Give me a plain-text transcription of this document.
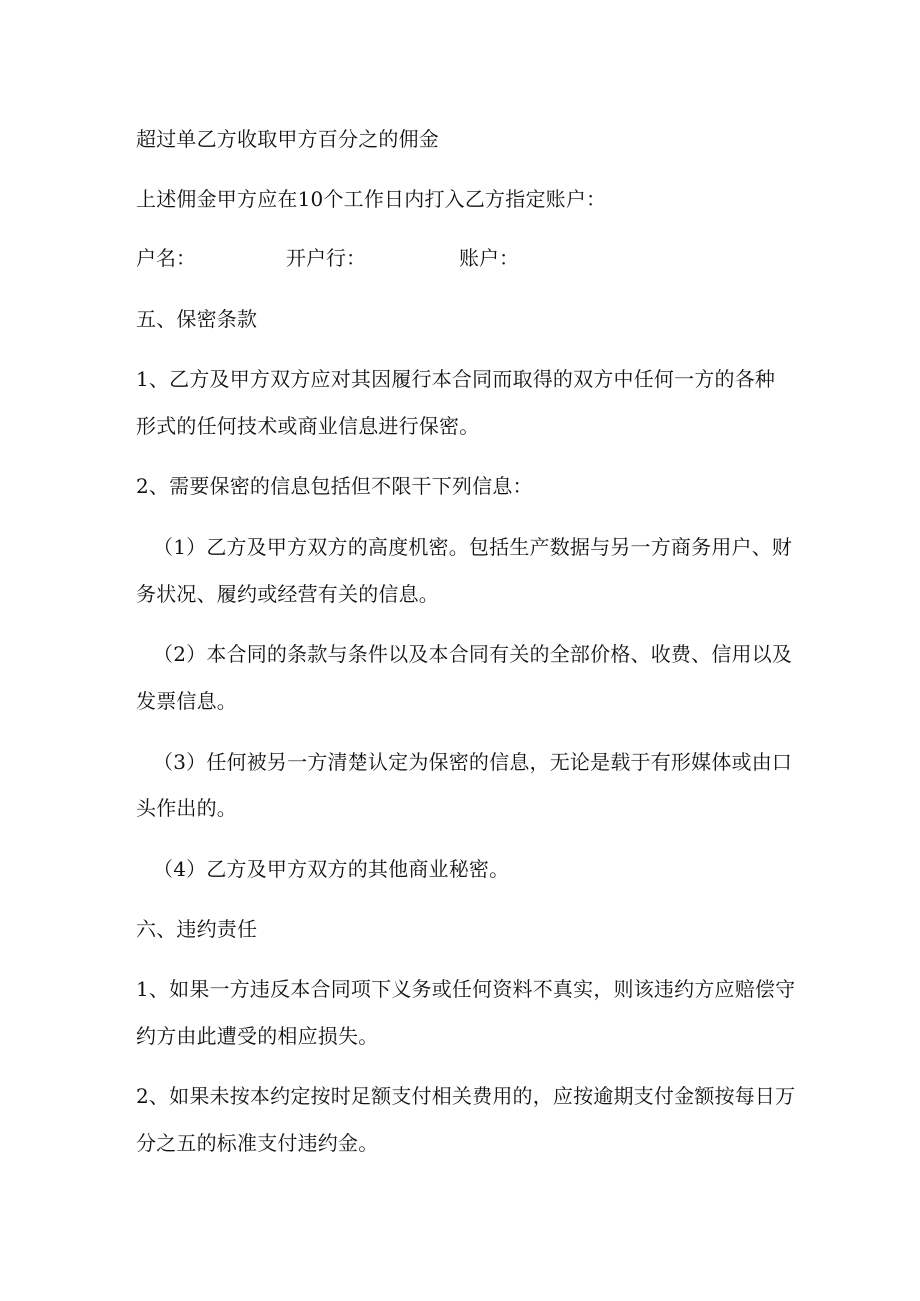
超过单乙方收取甲方百分之的佣金
上述佣金甲方应在10个工作日内打入乙方指定账户：
户名：	开户行：	账户：
五、保密条款
1、乙方及甲方双方应对其因履行本合同而取得的双方中任何一方的各种
形式的任何技术或商业信息进行保密。
2、需要保密的信息包括但不限干下列信息：
（1）乙方及甲方双方的高度机密。包括生产数据与另一方商务用户、财
务状况、履约或经营有关的信息。
（2）本合同的条款与条件以及本合同有关的全部价格、收费、信用以及
发票信息。
（3）任何被另一方清楚认定为保密的信息，无论是载于有形媒体或由口
头作出的。
（4）乙方及甲方双方的其他商业秘密。
六、违约责任
1、如果一方违反本合同项下义务或任何资料不真实，则该违约方应赔偿守
约方由此遭受的相应损失。
2、如果未按本约定按时足额支付相关费用的，应按逾期支付金额按每日万
分之五的标准支付违约金。
